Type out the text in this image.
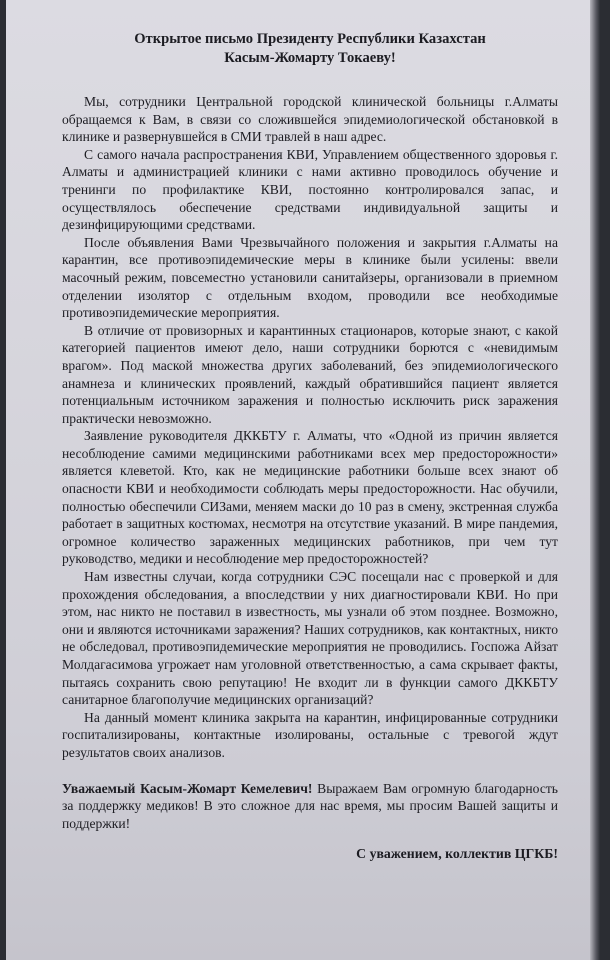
Открытое письмо Президенту Республики Казахстан
Касым-Жомарту Токаеву!

Мы, сотрудники Центральной городской клинической больницы г.Алматы обращаемся к Вам, в связи со сложившейся эпидемиологической обстановкой в клинике и развернувшейся в СМИ травлей в наш адрес.

С самого начала распространения КВИ, Управлением общественного здоровья г. Алматы и администрацией клиники с нами активно проводилось обучение и тренинги по профилактике КВИ, постоянно контролировался запас, и осуществлялось обеспечение средствами индивидуальной защиты и дезинфицирующими средствами.

После объявления Вами Чрезвычайного положения и закрытия г.Алматы на карантин, все противоэпидемические меры в клинике были усилены: ввели масочный режим, повсеместно установили санитайзеры, организовали в приемном отделении изолятор с отдельным входом, проводили все необходимые противоэпидемические мероприятия.

В отличие от провизорных и карантинных стационаров, которые знают, с какой категорией пациентов имеют дело, наши сотрудники борются с «невидимым врагом». Под маской множества других заболеваний, без эпидемиологического анамнеза и клинических проявлений, каждый обратившийся пациент является потенциальным источником заражения и полностью исключить риск заражения практически невозможно.

Заявление руководителя ДККБТУ г. Алматы, что «Одной из причин является несоблюдение самими медицинскими работниками всех мер предосторожности» является клеветой. Кто, как не медицинские работники больше всех знают об опасности КВИ и необходимости соблюдать меры предосторожности. Нас обучили, полностью обеспечили СИЗами, меняем маски до 10 раз в смену, экстренная служба работает в защитных костюмах, несмотря на отсутствие указаний. В мире пандемия, огромное количество зараженных медицинских работников, при чем тут руководство, медики и несоблюдение мер предосторожностей?

Нам известны случаи, когда сотрудники СЭС посещали нас с проверкой и для прохождения обследования, а впоследствии у них диагностировали КВИ. Но при этом, нас никто не поставил в известность, мы узнали об этом позднее. Возможно, они и являются источниками заражения? Наших сотрудников, как контактных, никто не обследовал, противоэпидемические мероприятия не проводились. Госпожа Айзат Молдагасимова угрожает нам уголовной ответственностью, а сама скрывает факты, пытаясь сохранить свою репутацию! Не входит ли в функции самого ДККБТУ санитарное благополучие медицинских организаций?

На данный момент клиника закрыта на карантин, инфицированные сотрудники госпитализированы, контактные изолированы, остальные с тревогой ждут результатов своих анализов.

Уважаемый Касым-Жомарт Кемелевич! Выражаем Вам огромную благодарность за поддержку медиков! В это сложное для нас время, мы просим Вашей защиты и поддержки!

С уважением, коллектив ЦГКБ!
